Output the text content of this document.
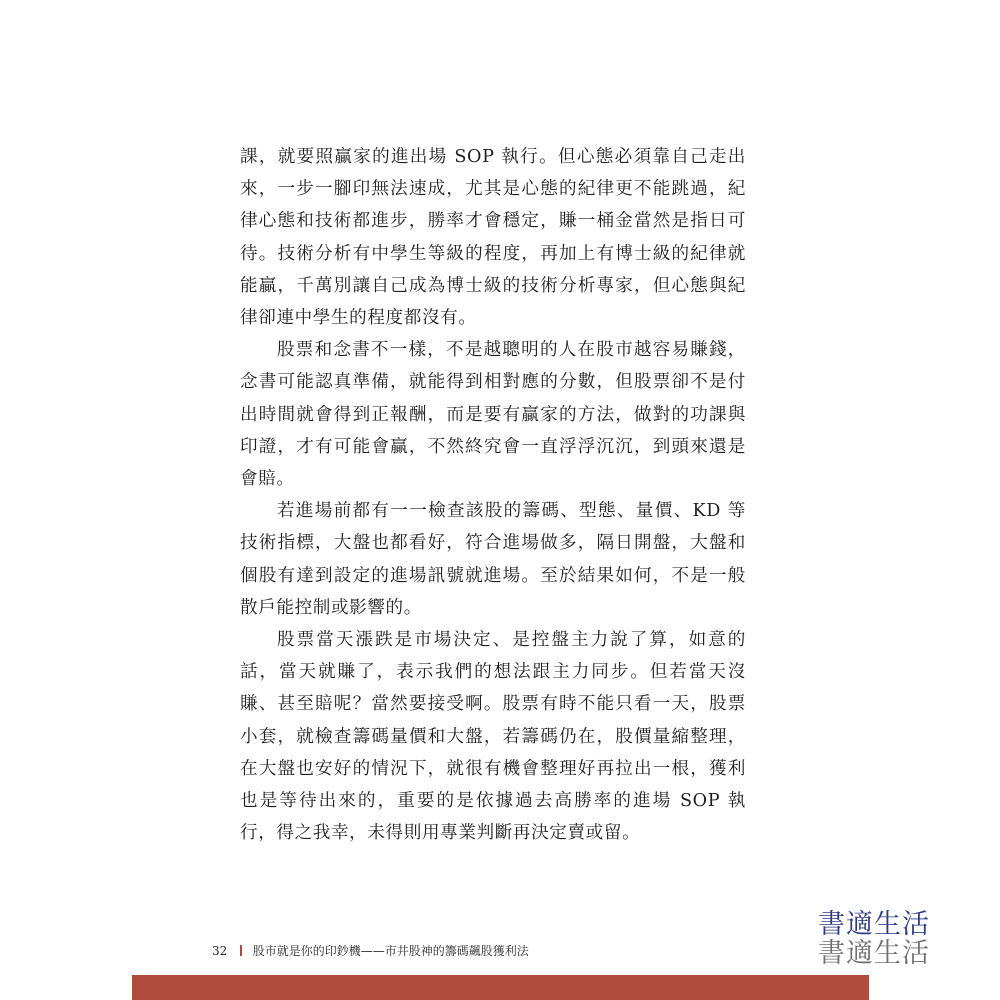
課，就要照贏家的進出場 SOP 執行。但心態必須靠自己走出來，一步一腳印無法速成，尤其是心態的紀律更不能跳過，紀律心態和技術都進步，勝率才會穩定，賺一桶金當然是指日可待。技術分析有中學生等級的程度，再加上有博士級的紀律就能贏，千萬別讓自己成為博士級的技術分析專家，但心態與紀律卻連中學生的程度都沒有。

股票和念書不一樣，不是越聰明的人在股市越容易賺錢，念書可能認真準備，就能得到相對應的分數，但股票卻不是付出時間就會得到正報酬，而是要有贏家的方法，做對的功課與印證，才有可能會贏，不然終究會一直浮浮沉沉，到頭來還是會賠。

若進場前都有一一檢查該股的籌碼、型態、量價、KD 等技術指標，大盤也都看好，符合進場做多，隔日開盤，大盤和個股有達到設定的進場訊號就進場。至於結果如何，不是一般散戶能控制或影響的。

股票當天漲跌是市場決定、是控盤主力說了算，如意的話，當天就賺了，表示我們的想法跟主力同步。但若當天沒賺、甚至賠呢？當然要接受啊。股票有時不能只看一天，股票小套，就檢查籌碼量價和大盤，若籌碼仍在，股價量縮整理，在大盤也安好的情況下，就很有機會整理好再拉出一根，獲利也是等待出來的，重要的是依據過去高勝率的進場 SOP 執行，得之我幸，未得則用專業判斷再決定賣或留。

32 股市就是你的印鈔機——市井股神的籌碼飆股獲利法
書適生活
書適生活
